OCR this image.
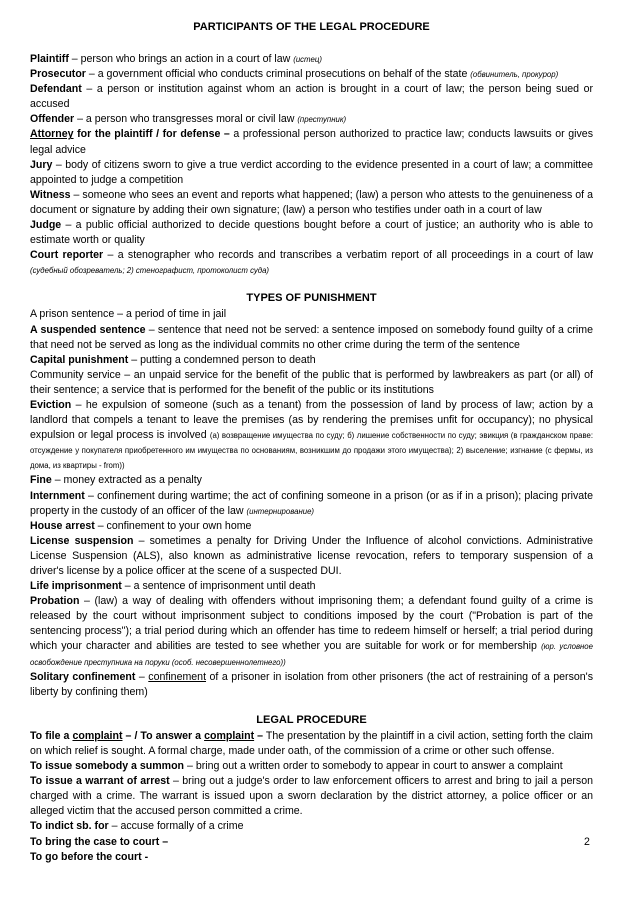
PARTICIPANTS OF THE LEGAL PROCEDURE

Plaintiff – person who brings an action in a court of law (истец)

Prosecutor – a government official who conducts criminal prosecutions on behalf of the state (обвинитель, прокурор)

Defendant – a person or institution against whom an action is brought in a court of law; the person being sued or accused

Offender – a person who transgresses moral or civil law (преступник)

Attorney for the plaintiff / for defense – a professional person authorized to practice law; conducts lawsuits or gives legal advice

Jury – body of citizens sworn to give a true verdict according to the evidence presented in a court of law; a committee appointed to judge a competition

Witness – someone who sees an event and reports what happened; (law) a person who attests to the genuineness of a document or signature by adding their own signature; (law) a person who testifies under oath in a court of law

Judge – a public official authorized to decide questions bought before a court of justice; an authority who is able to estimate worth or quality

Court reporter – a stenographer who records and transcribes a verbatim report of all proceedings in a court of law (судебный обозреватель; 2) стенографист, протоколист суда)

TYPES OF PUNISHMENT

A prison sentence – a period of time in jail

A suspended sentence – sentence that need not be served: a sentence imposed on somebody found guilty of a crime that need not be served as long as the individual commits no other crime during the term of the sentence

Capital punishment – putting a condemned person to death

Community service – an unpaid service for the benefit of the public that is performed by lawbreakers as part (or all) of their sentence; a service that is performed for the benefit of the public or its institutions

Eviction – he expulsion of someone (such as a tenant) from the possession of land by process of law; action by a landlord that compels a tenant to leave the premises (as by rendering the premises unfit for occupancy); no physical expulsion or legal process is involved (а) возвращение имущества по суду; б) лишение собственности по суду; эвикция (в гражданском праве: отсуждение у покупателя приобретенного им имущества по основаниям, возникшим до продажи этого имущества); 2) выселение; изгнание (с фермы, из дома, из квартиры - from))

Fine – money extracted as a penalty

Internment – confinement during wartime; the act of confining someone in a prison (or as if in a prison); placing private property in the custody of an officer of the law (интернирование)

House arrest – confinement to your own home

License suspension – sometimes a penalty for Driving Under the Influence of alcohol convictions. Administrative License Suspension (ALS), also known as administrative license revocation, refers to temporary suspension of a driver's license by a police officer at the scene of a suspected DUI.

Life imprisonment – a sentence of imprisonment until death

Probation – (law) a way of dealing with offenders without imprisoning them; a defendant found guilty of a crime is released by the court without imprisonment subject to conditions imposed by the court ("Probation is part of the sentencing process"); a trial period during which an offender has time to redeem himself or herself; a trial period during which your character and abilities are tested to see whether you are suitable for work or for membership (юр. условное освобождение преступника на поруки (особ. несовершеннолетнего))

Solitary confinement – confinement of a prisoner in isolation from other prisoners (the act of restraining of a person's liberty by confining them)

LEGAL PROCEDURE

To file a complaint – / To answer a complaint – The presentation by the plaintiff in a civil action, setting forth the claim on which relief is sought. A formal charge, made under oath, of the commission of a crime or other such offense.

To issue somebody a summon – bring out a written order to somebody to appear in court to answer a complaint

To issue a warrant of arrest – bring out a judge's order to law enforcement officers to arrest and bring to jail a person charged with a crime. The warrant is issued upon a sworn declaration by the district attorney, a police officer or an alleged victim that the accused person committed a crime.

To indict sb. for – accuse formally of a crime

To bring the case to court –

To go before the court -

2
